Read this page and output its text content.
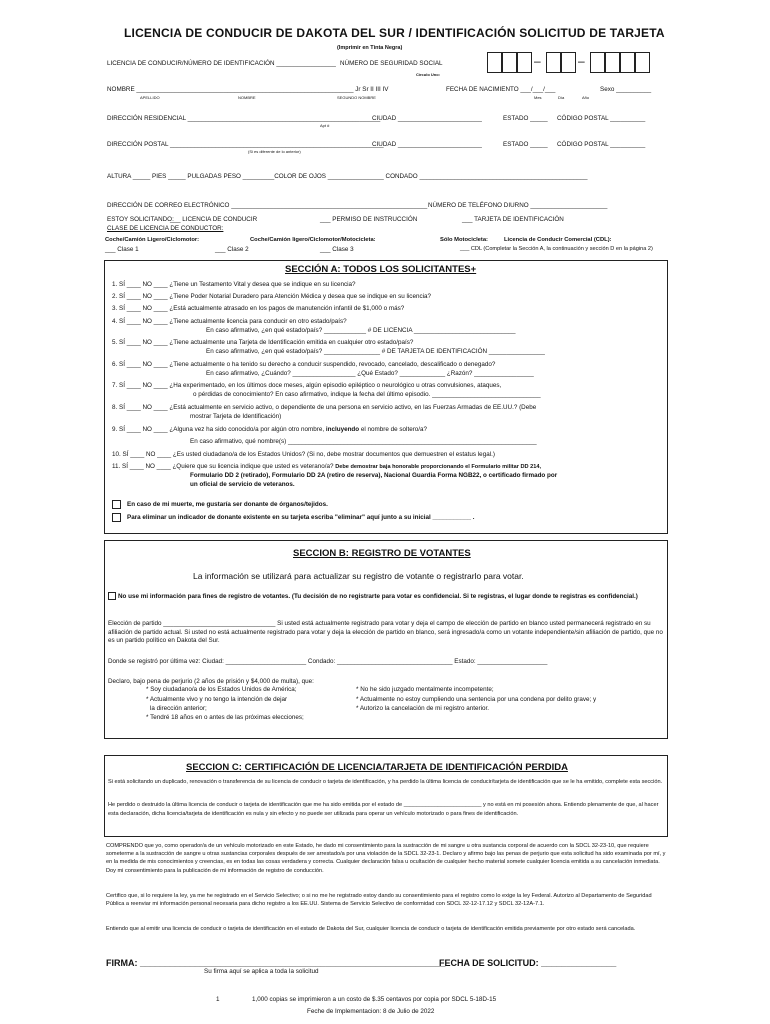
LICENCIA DE CONDUCIR DE DAKOTA DEL SUR / IDENTIFICACIÓN SOLICITUD DE TARJETA
(Imprimir en Tinta Negra)
LICENCIA DE CONDUCIR/NÚMERO DE IDENTIFICACIÓN _________________ NÚMERO DE SEGURIDAD SOCIAL
Círculo Uno:
–	–
NOMBRE ______________________________________________________________ Jr Sr II III IV	FECHA DE NACIMIENTO ___/___/___	Sexo __________
APELLIDO	NOMBRE	SEGUNDO NOMBRE	Mes	Día	Año
DIRECCIÓN RESIDENCIAL _______________________________________________________
CIUDAD ________________________	ESTADO _____ CÓDIGO POSTAL __________
Apt #
DIRECCIÓN POSTAL _____________________________________________________________
CIUDAD ________________________	ESTADO _____ CÓDIGO POSTAL __________
(Si es diferente de lo anterior)
ALTURA _____ PIES _____ PULGADAS PESO _________COLOR DE OJOS ________________ CONDADO ________________________________________________
DIRECCIÓN DE CORREO ELECTRÓNICO ________________________________________________________ NÚMERO DE TELÉFONO DIURNO ______________________
ESTOY SOLICITANDO:
___ LICENCIA DE CONDUCIR	___ PERMISO DE INSTRUCCIÓN	___ TARJETA DE IDENTIFICACIÓN
CLASE DE LICENCIA DE CONDUCTOR:
Coche/Camión Ligero/Ciclomotor:	Coche/Camión ligero/Ciclomotor/Motocicleta:	Sólo Motocicleta:	Licencia de Conducir Comercial (CDL):
___ Clase 1	___ Clase 2	___ Clase 3	___ CDL (Completar la Sección A, la continuación y sección D en la página 2)
SECCIÓN A: TODOS LOS SOLICITANTES+
1. SÍ ____ NO ____ ¿Tiene un Testamento Vital y desea que se indique en su licencia?
2. SÍ ____ NO ____ ¿Tiene Poder Notarial Duradero para Atención Médica y desea que se indique en su licencia?
3. SÍ ____ NO ____ ¿Está actualmente atrasado en los pagos de manutención infantil de $1,000 o más?
4. SÍ ____ NO ____ ¿Tiene actualmente licencia para conducir en otro estado/país?
En caso afirmativo, ¿en qué estado/país? ____________ # DE LICENCIA _____________________________
5. SÍ ____ NO ____ ¿Tiene actualmente una Tarjeta de Identificación emitida en cualquier otro estado/país?
En caso afirmativo, ¿en qué estado/país? ________________ # DE TARJETA DE IDENTIFICACIÓN ________________
6. SÍ ____ NO ____ ¿Tiene actualmente o ha tenido su derecho a conducir suspendido, revocado, cancelado, descalificado o denegado?
En caso afirmativo, ¿Cuándo? __________________ ¿Qué Estado? _____________ ¿Razón? _________________
7. SÍ ____ NO ____ ¿Ha experimentado, en los últimos doce meses, algún episodio epiléptico o neurológico u otras convulsiones, ataques,
o pérdidas de conocimiento? En caso afirmativo, indique la fecha del último episodio. _______________________________
8. SÍ ____ NO ____ ¿Está actualmente en servicio activo, o dependiente de una persona en servicio activo, en las Fuerzas Armadas de EE.UU.? (Debe
mostrar Tarjeta de Identificación)
9. SÍ ____ NO ____ ¿Alguna vez ha sido conocido/a por algún otro nombre, incluyendo el nombre de soltero/a?
En caso afirmativo, qué nombre(s) _______________________________________________________________________
10. SÍ ____ NO ____ ¿Es usted ciudadano/a de los Estados Unidos? (Si no, debe mostrar documentos que demuestren el estatus legal.)
11. SÍ ____ NO ____ ¿Quiere que su licencia indique que usted es veterano/a? Debe demostrar baja honorable proporcionando el Formulario militar DD 214,
Formulario DD 2 (retirado), Formulario DD 2A (retiro de reserva), Nacional Guardia Forma NGB22, o certificado firmado por
un oficial de servicio de veteranos.
En caso de mi muerte, me gustaría ser donante de órganos/tejidos.
Para eliminar un indicador de donante existente en su tarjeta escriba "eliminar" aquí junto a su inicial ___________ .
SECCION B: REGISTRO DE VOTANTES
La información se utilizará para actualizar su registro de votante o registrarlo para votar.
No use mi información para fines de registro de votantes. (Tu decisión de no registrarte para votar es confidencial. Si te registras, el lugar donde te registras es confidencial.)
Elección de partido ________________________________ Si usted está actualmente registrado para votar y deja el campo de elección de partido en blanco usted permanecerá registrado en su afiliación de partido actual. Si usted no está actualmente registrado para votar y deja la elección de partido en blanco, será ingresado/a como un votante independiente/sin afiliación de partido, que no es un partido político en Dakota del Sur.
Donde se registró por última vez: Ciudad: _______________________ Condado: _________________________________ Estado: ____________________
Declaro, bajo pena de perjurio (2 años de prisión y $4,000 de multa), que:
* Soy ciudadano/a de los Estados Unidos de América;
* Actualmente vivo y no tengo la intención de dejar
la dirección anterior;
* Tendré 18 años en o antes de las próximas elecciones;
* No he sido juzgado mentalmente incompetente;
* Actualmente no estoy cumpliendo una sentencia por una condena por delito grave; y
* Autorizo la cancelación de mi registro anterior.
SECCION C: CERTIFICACIÓN DE LICENCIA/TARJETA DE IDENTIFICACIÓN PERDIDA
Si está solicitando un duplicado, renovación o transferencia de su licencia de conducir o tarjeta de identificación, y ha perdido la última licencia de conducir/tarjeta de identificación que se le ha emitido, complete esta sección.
He perdido o destruido la última licencia de conducir o tarjeta de identificación que me ha sido emitida por el estado de _________________________ y no está en mi posesión ahora. Entiendo plenamente de que, al hacer esta declaración, dicha licencia/tarjeta de identificación es nula y sin efecto y no puede ser utilizada para operar un vehículo motorizado o para fines de identificación.
COMPRENDO que yo, como operador/a de un vehículo motorizado en este Estado, he dado mi consentimiento para la sustracción de mi sangre u otra sustancia corporal de acuerdo con la SDCL 32-23-10, que requiere someterme a la sustracción de sangre u otras sustancias corporales después de ser arrestado/a por una violación de la SDCL 32-23-1. Declaro y afirmo bajo las penas de perjurio que esta solicitud ha sido examinada por mí, y en la medida de mis conocimientos y creencias, es en todas las cosas verdadera y correcta. Cualquier declaración falsa u ocultación de cualquier hecho material somete cualquier licencia emitida a su cancelación inmediata. Doy mi consentimiento para la publicación de mi información de registro de conducción.
Certifico que, si lo requiere la ley, ya me he registrado en el Servicio Selectivo; o si no me he registrado estoy dando su consentimiento para el registro como lo exige la ley Federal. Autorizo al Departamento de Seguridad Pública a reenviar mi información personal necesaria para dicho registro a los EE.UU. Sistema de Servicio Selectivo de conformidad con SDCL 32-12-17.12 y SDCL 32-12A-7.1.
Entiendo que al emitir una licencia de conducir o tarjeta de identificación en el estado de Dakota del Sur, cualquier licencia de conducir o tarjeta de identificación emitida previamente por otro estado será cancelada.
FIRMA: _____________________________________________________________
FECHA DE SOLICITUD: _______________
Su firma aquí se aplica a toda la solicitud
1	1,000 copias se imprimieron a un costo de $.35 centavos por copia por SDCL 5-18D-15
Feche de Implementacion: 8 de Julio de 2022
